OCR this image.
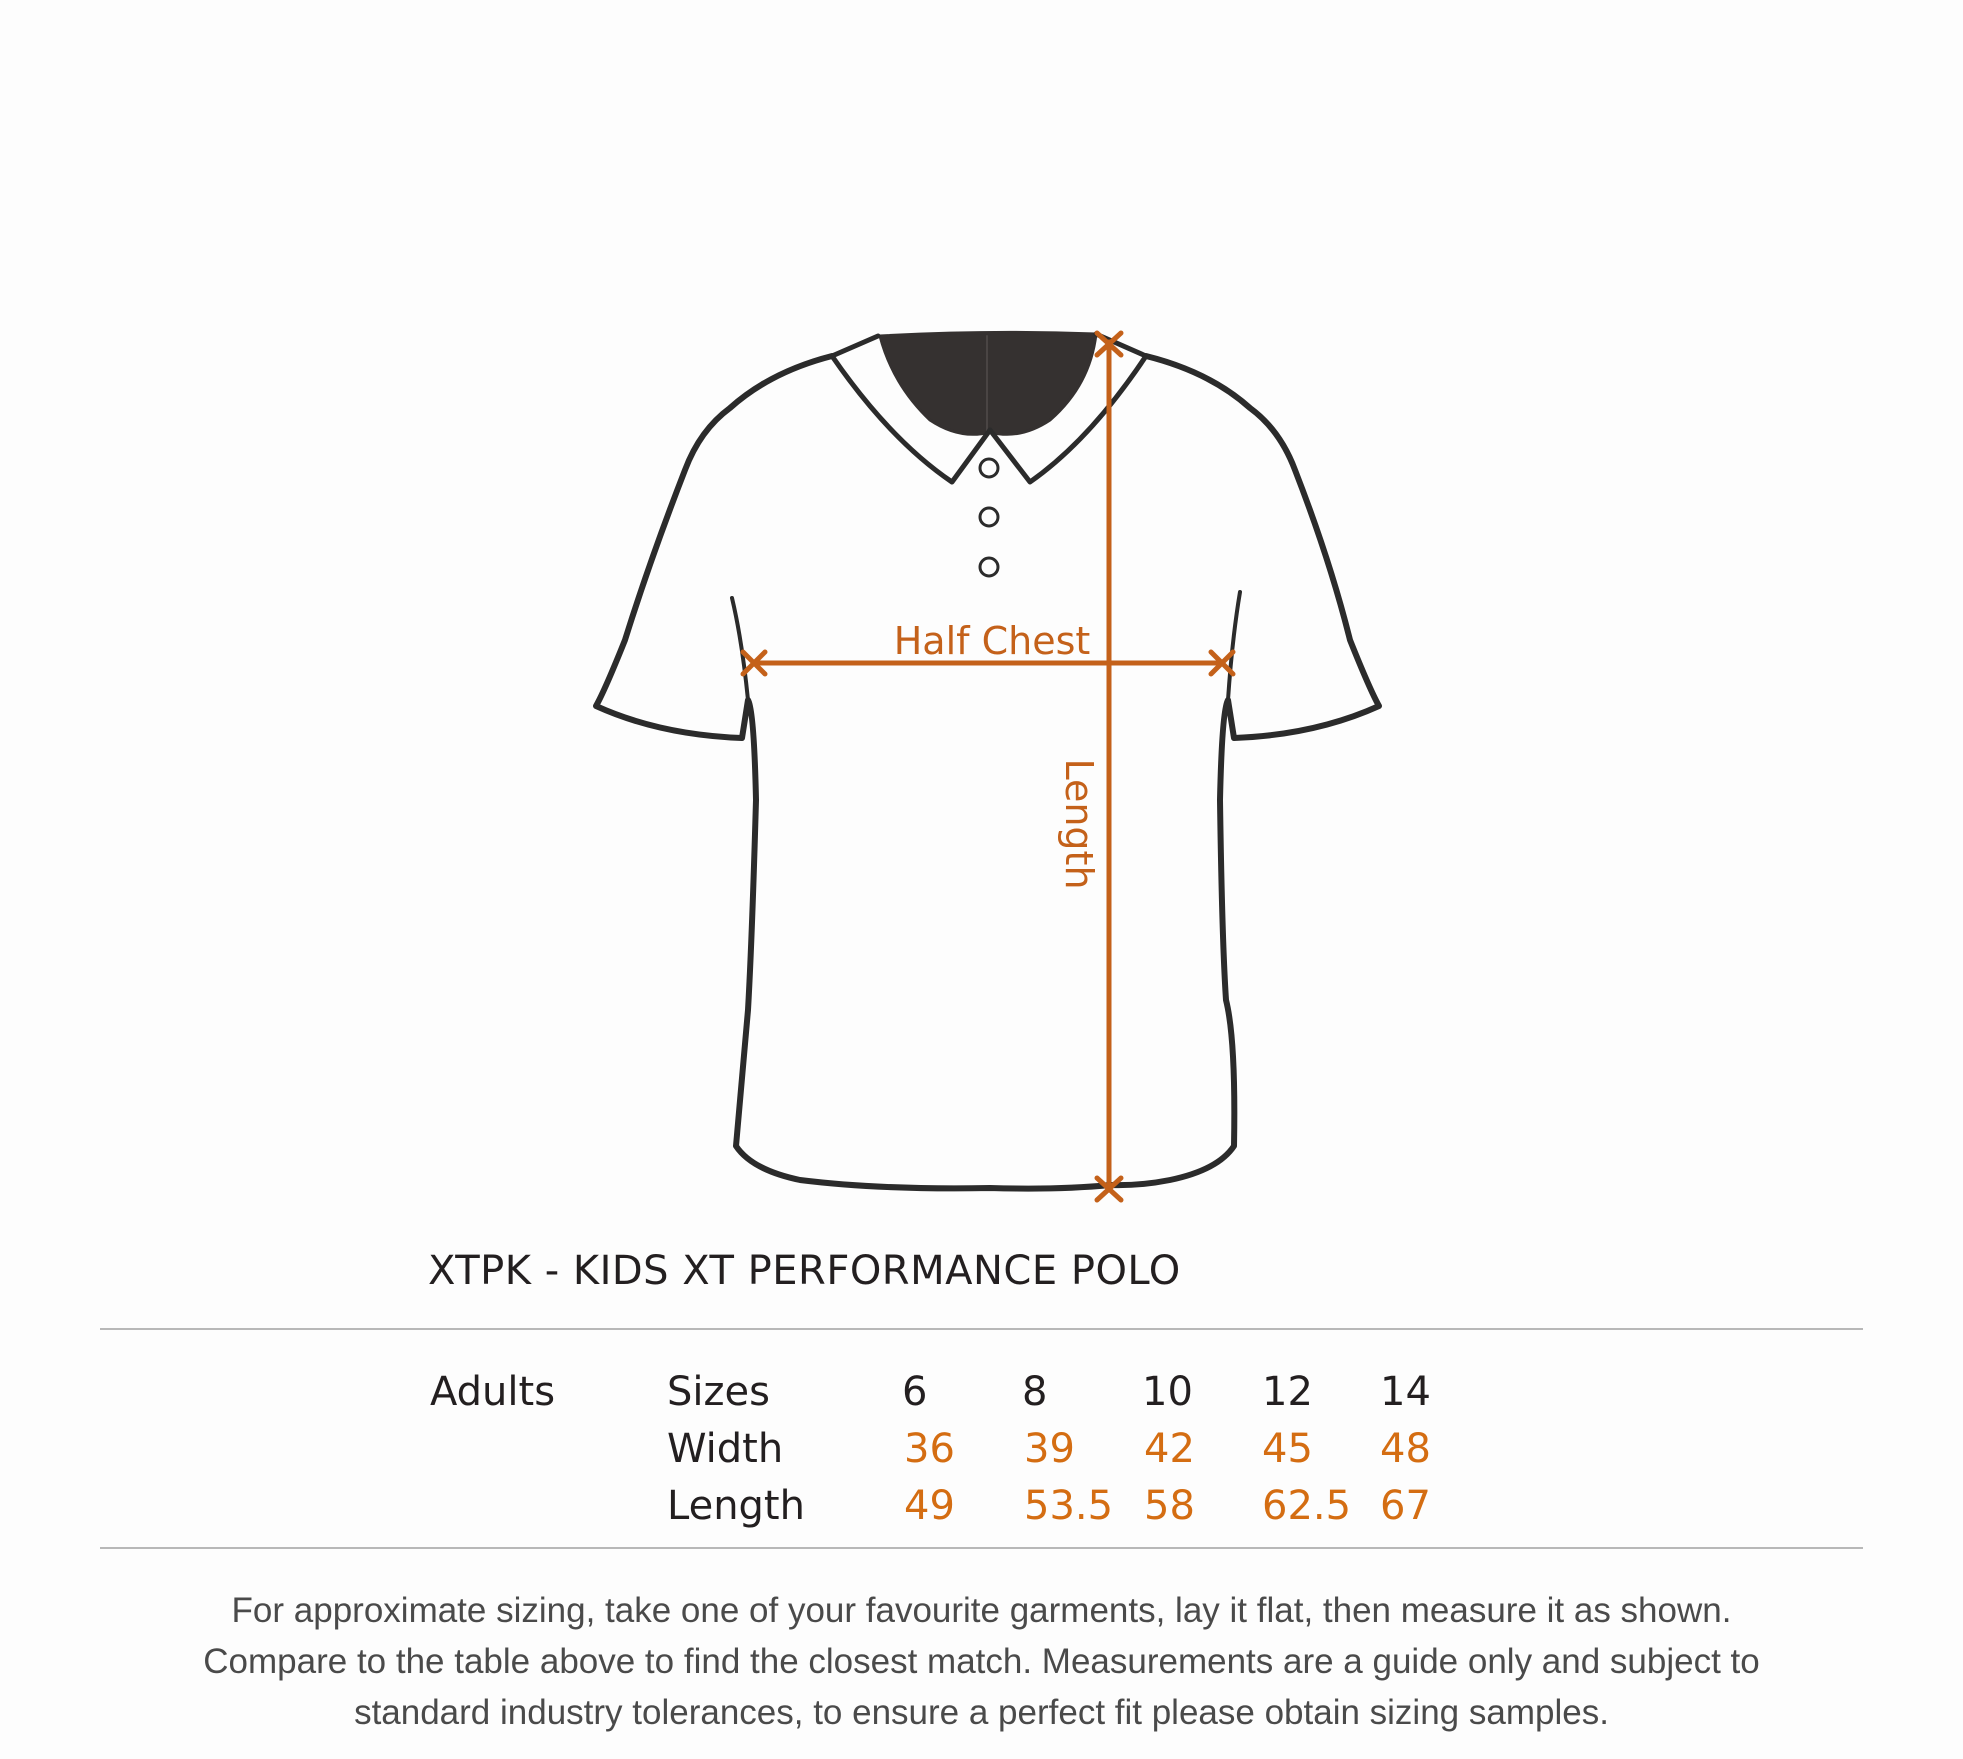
Half Chest
Length
XTPK - KIDS XT PERFORMANCE POLO
Adults	Sizes	6 8 10 12 14
Width	36 39 42 45 48
Length 49 53.5 58 62.5 67
For approximate sizing, take one of your favourite garments, lay it flat, then measure it as shown.
Compare to the table above to find the closest match. Measurements are a guide only and subject to
standard industry tolerances, to ensure a perfect fit please obtain sizing samples.
